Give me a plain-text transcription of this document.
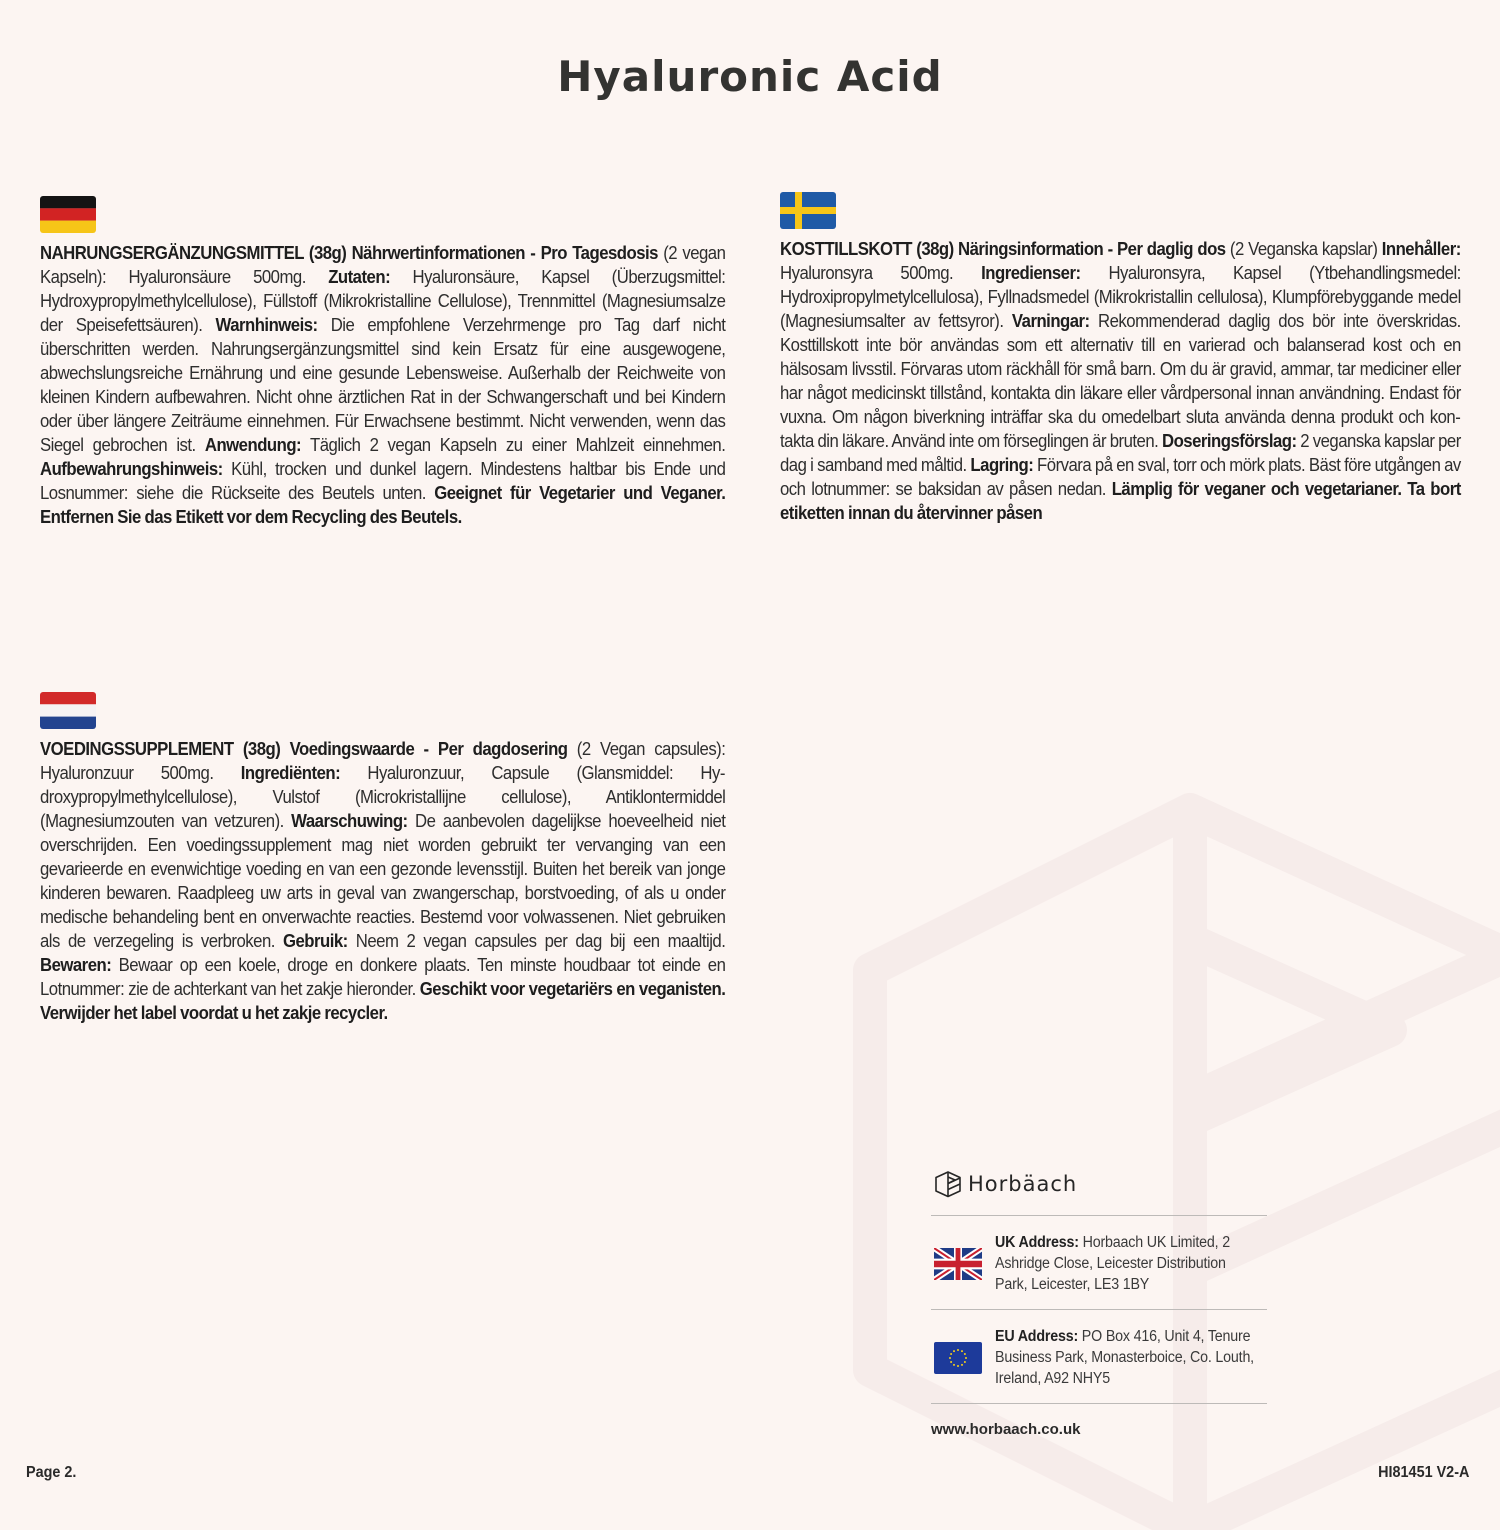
Hyaluronic Acid

NAHRUNGSERGÄNZUNGSMITTEL (38g) Nährwertinformationen - Pro Tagesdosis (2 vegan Kapseln): Hyaluronsäure 500mg. Zutaten: Hyaluronsäure, Kapsel (Überzugsmittel: Hydroxypropylmethylcellulose), Füllstoff (Mikrokristalline Cellulose), Trennmittel (Magnesiumsalze der Speisefettsäuren). Warnhinweis: Die empfohlene Verzehrmenge pro Tag darf nicht überschritten werden. Nahrungsergänzungsmittel sind kein Ersatz für eine ausgewogene, abwechslungsreiche Ernährung und eine gesunde Lebensweise. Außerhalb der Reichweite von kleinen Kindern aufbewahren. Nicht ohne ärztlichen Rat in der Schwangerschaft und bei Kindern oder über längere Zeiträume einnehmen. Für Erwachsene bestimmt. Nicht verwenden, wenn das Siegel gebrochen ist. Anwendung: Täglich 2 vegan Kapseln zu einer Mahlzeit einnehmen. Aufbewahrungshinweis: Kühl, trocken und dunkel lagern. Mindestens haltbar bis Ende und Losnummer: siehe die Rückseite des Beutels unten. Geeignet für Vegetarier und Veganer. Entfernen Sie das Etikett vor dem Recycling des Beutels.

KOSTTILLSKOTT (38g) Näringsinformation - Per daglig dos (2 Veganska kapslar) Innehåller: Hyaluronsyra 500mg. Ingredienser: Hyaluronsyra, Kapsel (Ytbehandlingsmedel: Hydroxipropylmetylcellulosa), Fyllnadsmedel (Mikrokristallin cellulosa), Klumpförebyggande medel (Magnesiumsalter av fettsyror). Varningar: Rekommenderad daglig dos bör inte överskridas. Kosttillskott inte bör användas som ett alternativ till en varierad och balanserad kost och en hälsosam livsstil. Förvaras utom räckhåll för små barn. Om du är gravid, ammar, tar mediciner eller har något medicinskt tillstånd, kontakta din läkare eller vårdpersonal innan användning. Endast för vuxna. Om någon biverkning inträffar ska du omedelbart sluta använda denna produkt och kontakta din läkare. Använd inte om förseglingen är bruten. Doseringsförslag: 2 veganska kapslar per dag i samband med måltid. Lagring: Förvara på en sval, torr och mörk plats. Bäst före utgången av och lotnummer: se baksidan av påsen nedan. Lämplig för veganer och vegetarianer. Ta bort etiketten innan du återvinner påsen

VOEDINGSSUPPLEMENT (38g) Voedingswaarde - Per dagdosering (2 Vegan capsules): Hyaluronzuur 500mg. Ingrediënten: Hyaluronzuur, Capsule (Glansmiddel: Hydroxypropylmethylcellulose), Vulstof (Microkristallijne cellulose), Antiklontermiddel (Magnesiumzouten van vetzuren). Waarschuwing: De aanbevolen dagelijkse hoeveelheid niet overschrijden. Een voedingssupplement mag niet worden gebruikt ter vervanging van een gevarieerde en evenwichtige voeding en van een gezonde levensstijl. Buiten het bereik van jonge kinderen bewaren. Raadpleeg uw arts in geval van zwangerschap, borstvoeding, of als u onder medische behandeling bent en onverwachte reacties. Bestemd voor volwassenen. Niet gebruiken als de verzegeling is verbroken. Gebruik: Neem 2 vegan capsules per dag bij een maaltijd. Bewaren: Bewaar op een koele, droge en donkere plaats. Ten minste houdbaar tot einde en Lotnummer: zie de achterkant van het zakje hieronder. Geschikt voor vegetariërs en veganisten. Verwijder het label voordat u het zakje recycler.

Horbäach
UK Address: Horbaach UK Limited, 2 Ashridge Close, Leicester Distribution Park, Leicester, LE3 1BY
EU Address: PO Box 416, Unit 4, Tenure Business Park, Monasterboice, Co. Louth, Ireland, A92 NHY5
www.horbaach.co.uk
Page 2.	HI81451 V2-A
